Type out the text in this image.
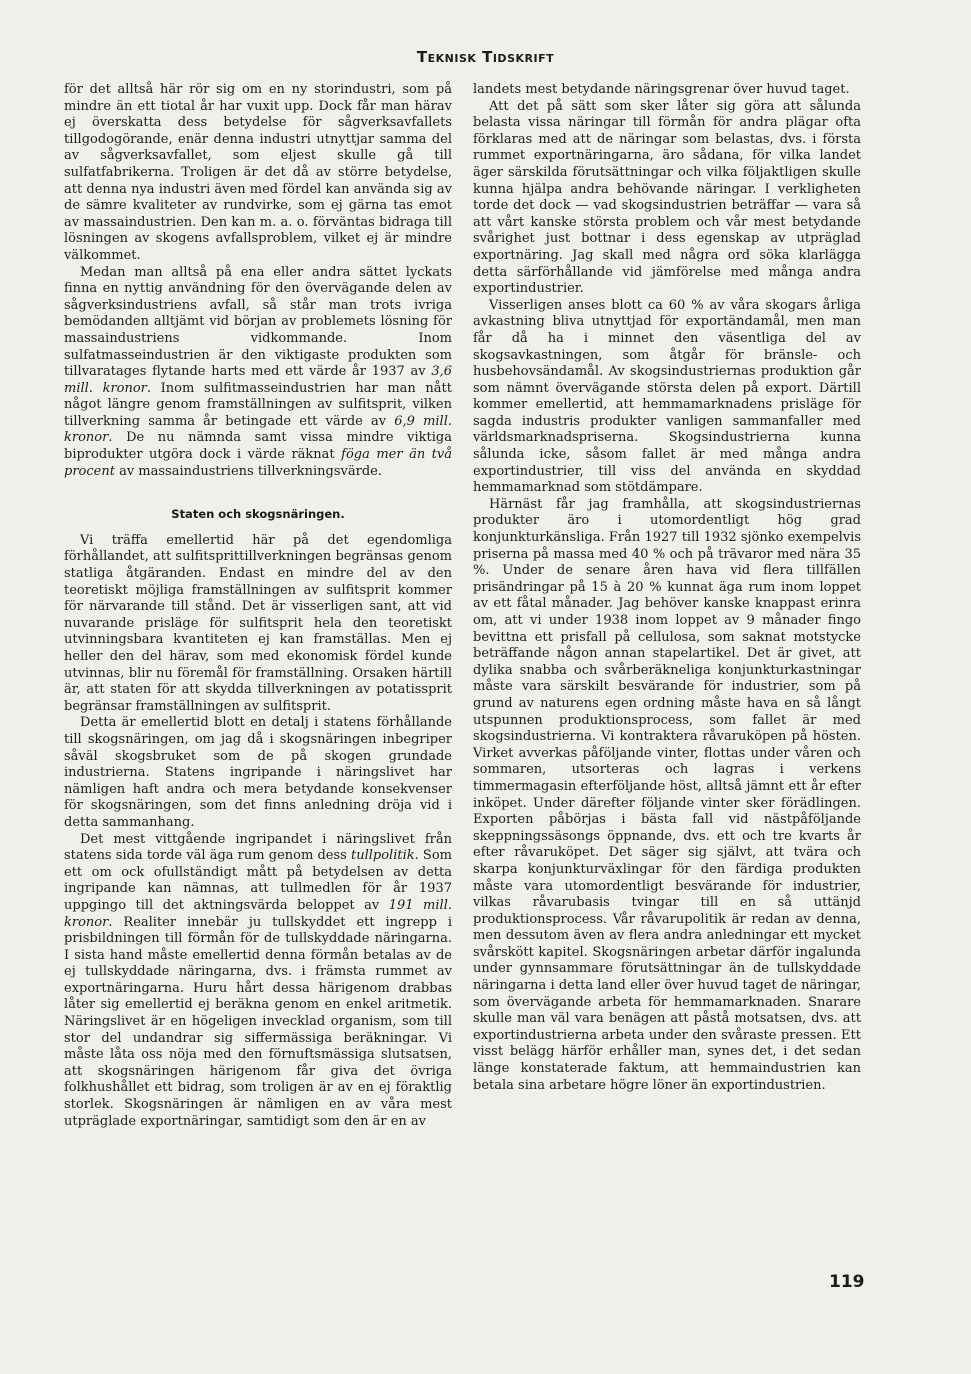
Teknisk Tidskrift

för det alltså här rör sig om en ny storindustri, som på mindre än ett tiotal år har vuxit upp. Dock får man härav ej överskatta dess betydelse för sågverksavfallets tillgodogörande, enär denna industri utnyttjar samma del av sågverksavfallet, som eljest skulle gå till sulfatfabrikerna. Troligen är det då av större betydelse, att denna nya industri även med fördel kan använda sig av de sämre kvaliteter av rundvirke, som ej gärna tas emot av massaindustrien. Den kan m. a. o. förväntas bidraga till lösningen av skogens avfallsproblem, vilket ej är mindre välkommet.

Medan man alltså på ena eller andra sättet lyckats finna en nyttig användning för den övervägande delen av sågverksindustriens avfall, så står man trots ivriga bemödanden alltjämt vid början av problemets lösning för massaindustriens vidkommande. Inom sulfatmasseindustrien är den viktigaste produkten som tillvaratages flytande harts med ett värde år 1937 av 3,6 mill. kronor. Inom sulfitmasseindustrien har man nått något längre genom framställningen av sulfitsprit, vilken tillverkning samma år betingade ett värde av 6,9 mill. kronor. De nu nämnda samt vissa mindre viktiga biprodukter utgöra dock i värde räknat föga mer än två procent av massaindustriens tillverkningsvärde.

Staten och skogsnäringen.

Vi träffa emellertid här på det egendomliga förhållandet, att sulfitsprittillverkningen begränsas genom statliga åtgäranden. Endast en mindre del av den teoretiskt möjliga framställningen av sulfitsprit kommer för närvarande till stånd. Det är visserligen sant, att vid nuvarande prisläge för sulfitsprit hela den teoretiskt utvinningsbara kvantiteten ej kan framställas. Men ej heller den del härav, som med ekonomisk fördel kunde utvinnas, blir nu föremål för framställning. Orsaken härtill är, att staten för att skydda tillverkningen av potatissprit begränsar framställningen av sulfitsprit.

Detta är emellertid blott en detalj i statens förhållande till skogsnäringen, om jag då i skogsnäringen inbegriper såväl skogsbruket som de på skogen grundade industrierna. Statens ingripande i näringslivet har nämligen haft andra och mera betydande konsekvenser för skogsnäringen, som det finns anledning dröja vid i detta sammanhang.

Det mest vittgående ingripandet i näringslivet från statens sida torde väl äga rum genom dess tullpolitik. Som ett om ock ofullständigt mått på betydelsen av detta ingripande kan nämnas, att tullmedlen för år 1937 uppgingo till det aktningsvärda beloppet av 191 mill. kronor. Realiter innebär ju tullskyddet ett ingrepp i prisbildningen till förmån för de tullskyddade näringarna. I sista hand måste emellertid denna förmån betalas av de ej tullskyddade näringarna, dvs. i främsta rummet av exportnäringarna. Huru hårt dessa härigenom drabbas låter sig emellertid ej beräkna genom en enkel aritmetik. Näringslivet är en högeligen invecklad organism, som till stor del undandrar sig siffermässiga beräkningar. Vi måste låta oss nöja med den förnuftsmässiga slutsatsen, att skogsnäringen härigenom får giva det övriga folkhushållet ett bidrag, som troligen är av en ej föraktlig storlek. Skogsnäringen är nämligen en av våra mest utpräglade exportnäringar, samtidigt som den är en av

landets mest betydande näringsgrenar över huvud taget.

Att det på sätt som sker låter sig göra att sålunda belasta vissa näringar till förmån för andra plägar ofta förklaras med att de näringar som belastas, dvs. i första rummet exportnäringarna, äro sådana, för vilka landet äger särskilda förutsättningar och vilka följaktligen skulle kunna hjälpa andra behövande näringar. I verkligheten torde det dock — vad skogsindustrien beträffar — vara så att vårt kanske största problem och vår mest betydande svårighet just bottnar i dess egenskap av utpräglad exportnäring. Jag skall med några ord söka klarlägga detta särförhållande vid jämförelse med många andra exportindustrier.

Visserligen anses blott ca 60 % av våra skogars årliga avkastning bliva utnyttjad för exportändamål, men man får då ha i minnet den väsentliga del av skogsavkastningen, som åtgår för bränsle- och husbehovsändamål. Av skogsindustriernas produktion går som nämnt övervägande största delen på export. Därtill kommer emellertid, att hemmamarknadens prisläge för sagda industris produkter vanligen sammanfaller med världsmarknadspriserna. Skogsindustrierna kunna sålunda icke, såsom fallet är med många andra exportindustrier, till viss del använda en skyddad hemmamarknad som stötdämpare.

Härnäst får jag framhålla, att skogsindustriernas produkter äro i utomordentligt hög grad konjunkturkänsliga. Från 1927 till 1932 sjönko exempelvis priserna på massa med 40 % och på trävaror med nära 35 %. Under de senare åren hava vid flera tillfällen prisändringar på 15 à 20 % kunnat äga rum inom loppet av ett fåtal månader. Jag behöver kanske knappast erinra om, att vi under 1938 inom loppet av 9 månader fingo bevittna ett prisfall på cellulosa, som saknat motstycke beträffande någon annan stapelartikel. Det är givet, att dylika snabba och svårberäkneliga konjunkturkastningar måste vara särskilt besvärande för industrier, som på grund av naturens egen ordning måste hava en så långt utspunnen produktionsprocess, som fallet är med skogsindustrierna. Vi kontraktera råvaruköpen på hösten. Virket avverkas påföljande vinter, flottas under våren och sommaren, utsorteras och lagras i verkens timmermagasin efterföljande höst, alltså jämnt ett år efter inköpet. Under därefter följande vinter sker förädlingen. Exporten påbörjas i bästa fall vid nästpåföljande skeppningssäsongs öppnande, dvs. ett och tre kvarts år efter råvaruköpet. Det säger sig självt, att tvära och skarpa konjunkturväxlingar för den färdiga produkten måste vara utomordentligt besvärande för industrier, vilkas råvarubasis tvingar till en så uttänjd produktionsprocess. Vår råvarupolitik är redan av denna, men dessutom även av flera andra anledningar ett mycket svårskött kapitel. Skogsnäringen arbetar därför ingalunda under gynnsammare förutsättningar än de tullskyddade näringarna i detta land eller över huvud taget de näringar, som övervägande arbeta för hemmamarknaden. Snarare skulle man väl vara benägen att påstå motsatsen, dvs. att exportindustrierna arbeta under den svåraste pressen. Ett visst belägg härför erhåller man, synes det, i det sedan länge konstaterade faktum, att hemmaindustrien kan betala sina arbetare högre löner än exportindustrien.

119
